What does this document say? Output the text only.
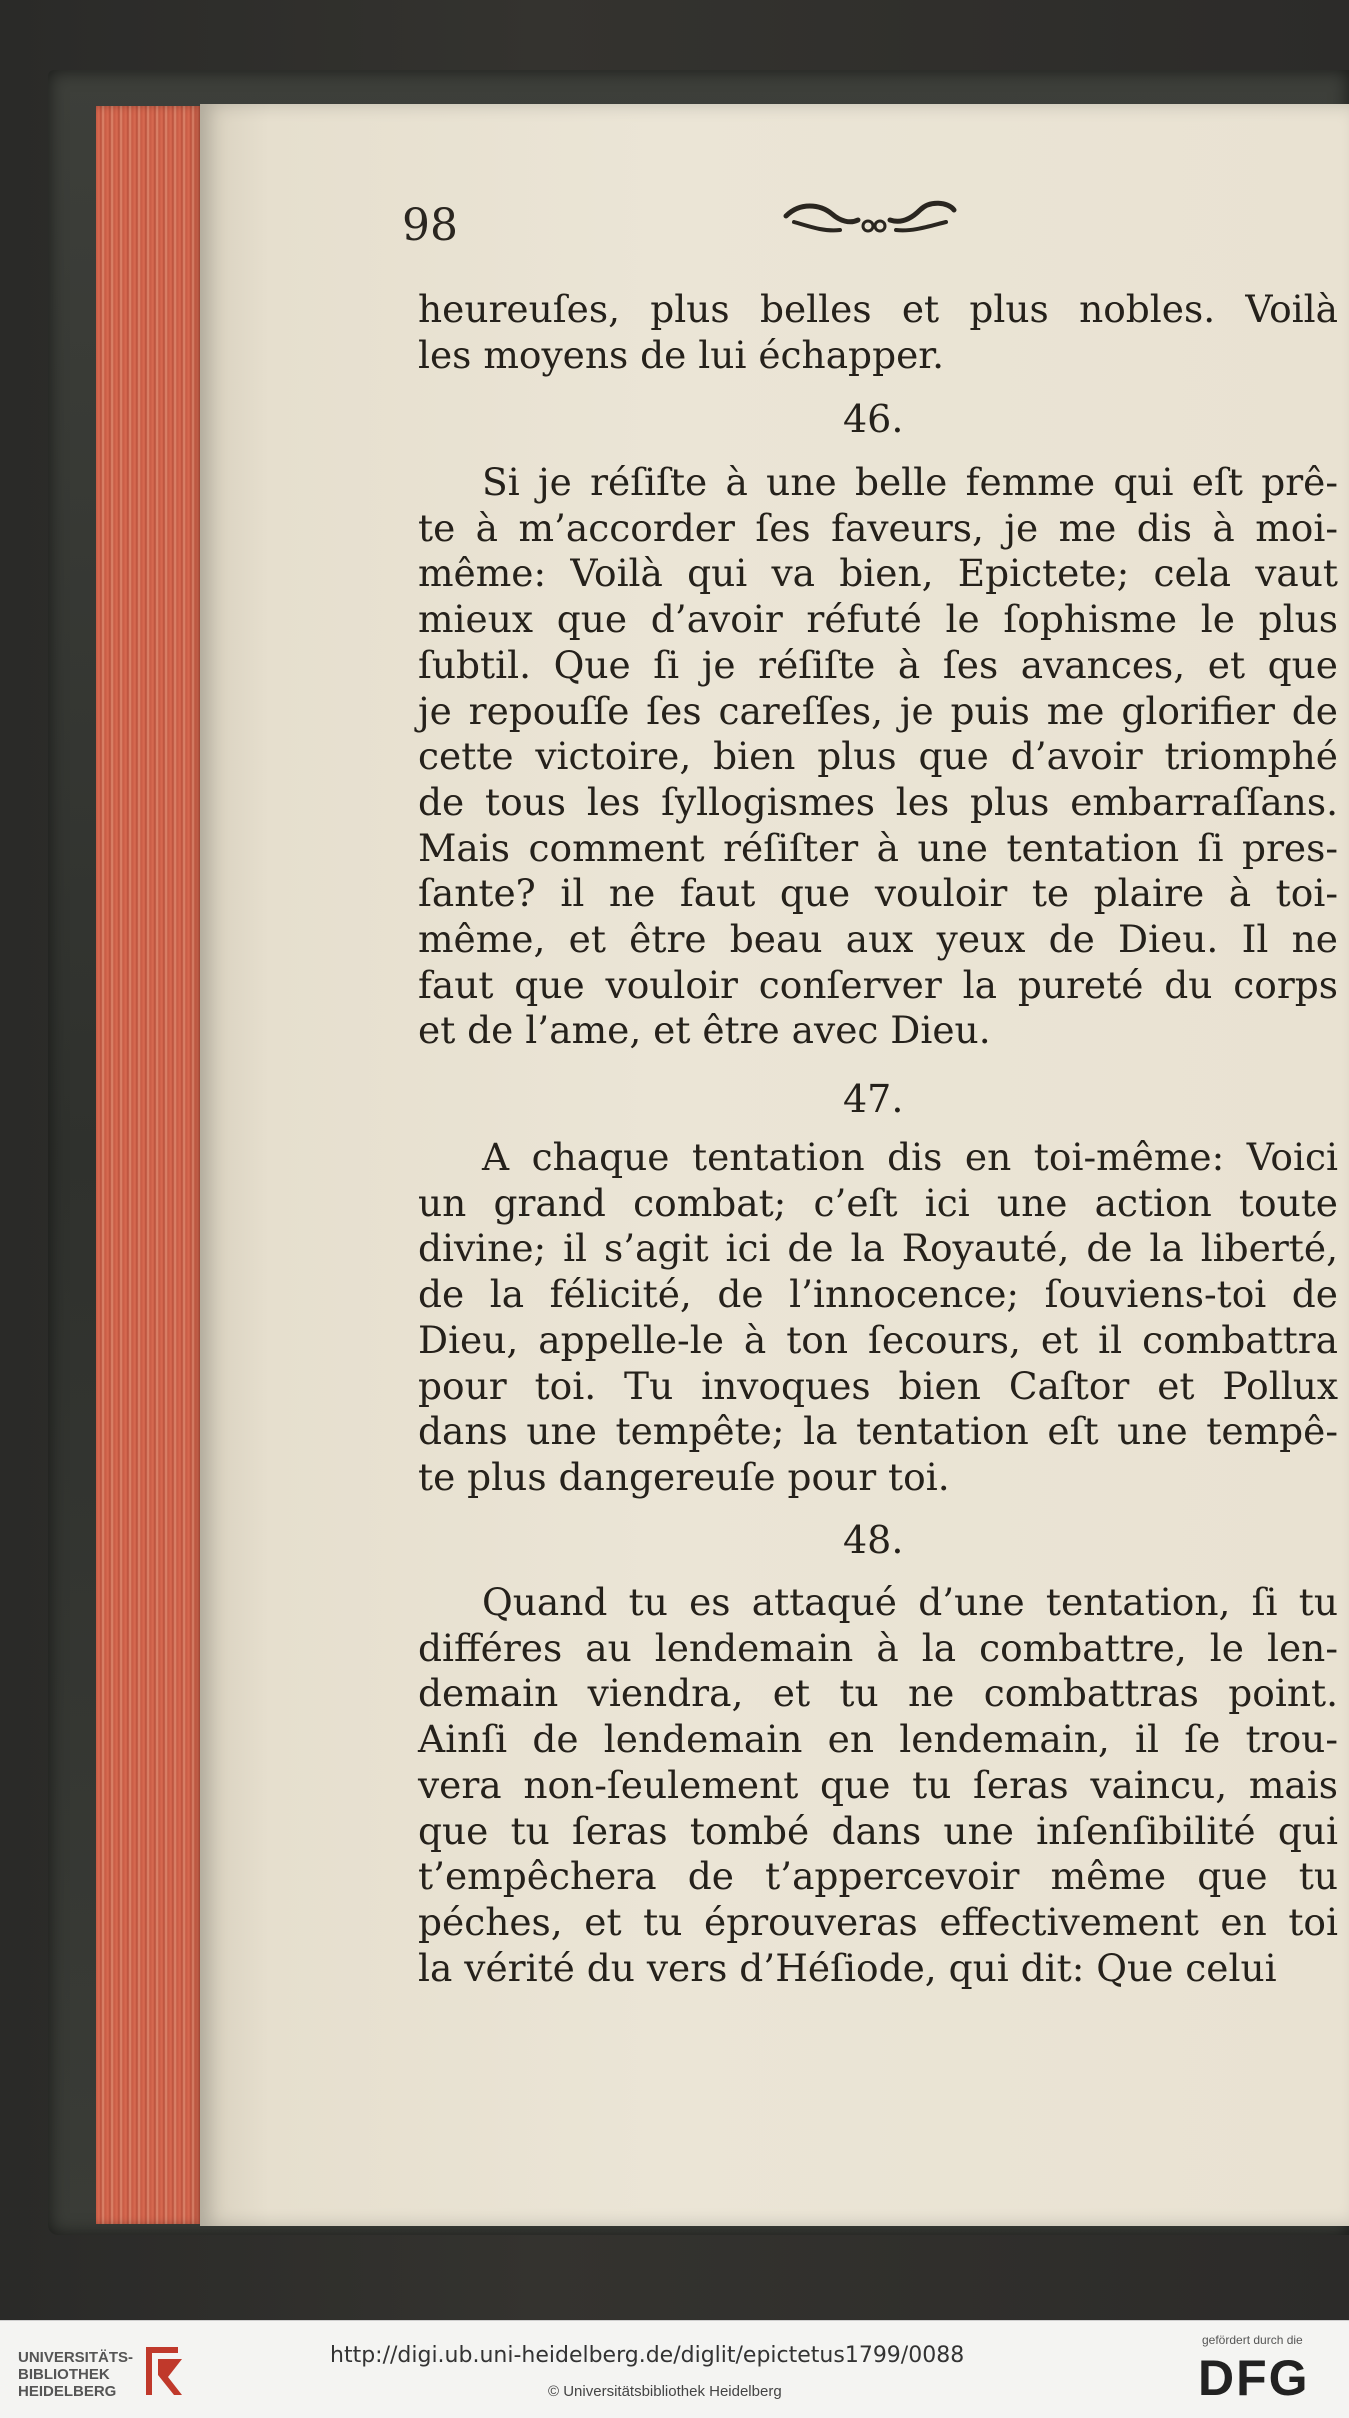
98
heureuſes, plus belles et plus nobles. Voilà
les moyens de lui échapper.
46.
Si je réſiſte à une belle femme qui eſt prê-
te à m’accorder ſes faveurs, je me dis à moi-
même: Voilà qui va bien, Epictete; cela vaut
mieux que d’avoir réfuté le ſophisme le plus
ſubtil. Que ſi je réſiſte à ſes avances, et que
je repouſſe ſes careſſes, je puis me glorifier de
cette victoire, bien plus que d’avoir triomphé
de tous les ſyllogismes les plus embarraſſans.
Mais comment réſiſter à une tentation ſi pres-
ſante? il ne faut que vouloir te plaire à toi-
même, et être beau aux yeux de Dieu. Il ne
faut que vouloir conſerver la pureté du corps
et de l’ame, et être avec Dieu.
47.
A chaque tentation dis en toi-même: Voici
un grand combat; c’eſt ici une action toute
divine; il s’agit ici de la Royauté, de la liberté,
de la félicité, de l’innocence; ſouviens-toi de
Dieu, appelle-le à ton ſecours, et il combattra
pour toi. Tu invoques bien Caſtor et Pollux
dans une tempête; la tentation eſt une tempê-
te plus dangereuſe pour toi.
48.
Quand tu es attaqué d’une tentation, ſi tu
différes au lendemain à la combattre, le len-
demain viendra, et tu ne combattras point.
Ainſi de lendemain en lendemain, il ſe trou-
vera non-ſeulement que tu ſeras vaincu, mais
que tu ſeras tombé dans une inſenſibilité qui
t’empêchera de t’appercevoir même que tu
péches, et tu éprouveras effectivement en toi
la vérité du vers d’Héſiode, qui dit: Que celui
UNIVERSITÄTS-
BIBLIOTHEK
HEIDELBERG
http://digi.ub.uni-heidelberg.de/diglit/epictetus1799/0088
© Universitätsbibliothek Heidelberg
gefördert durch die
DFG
